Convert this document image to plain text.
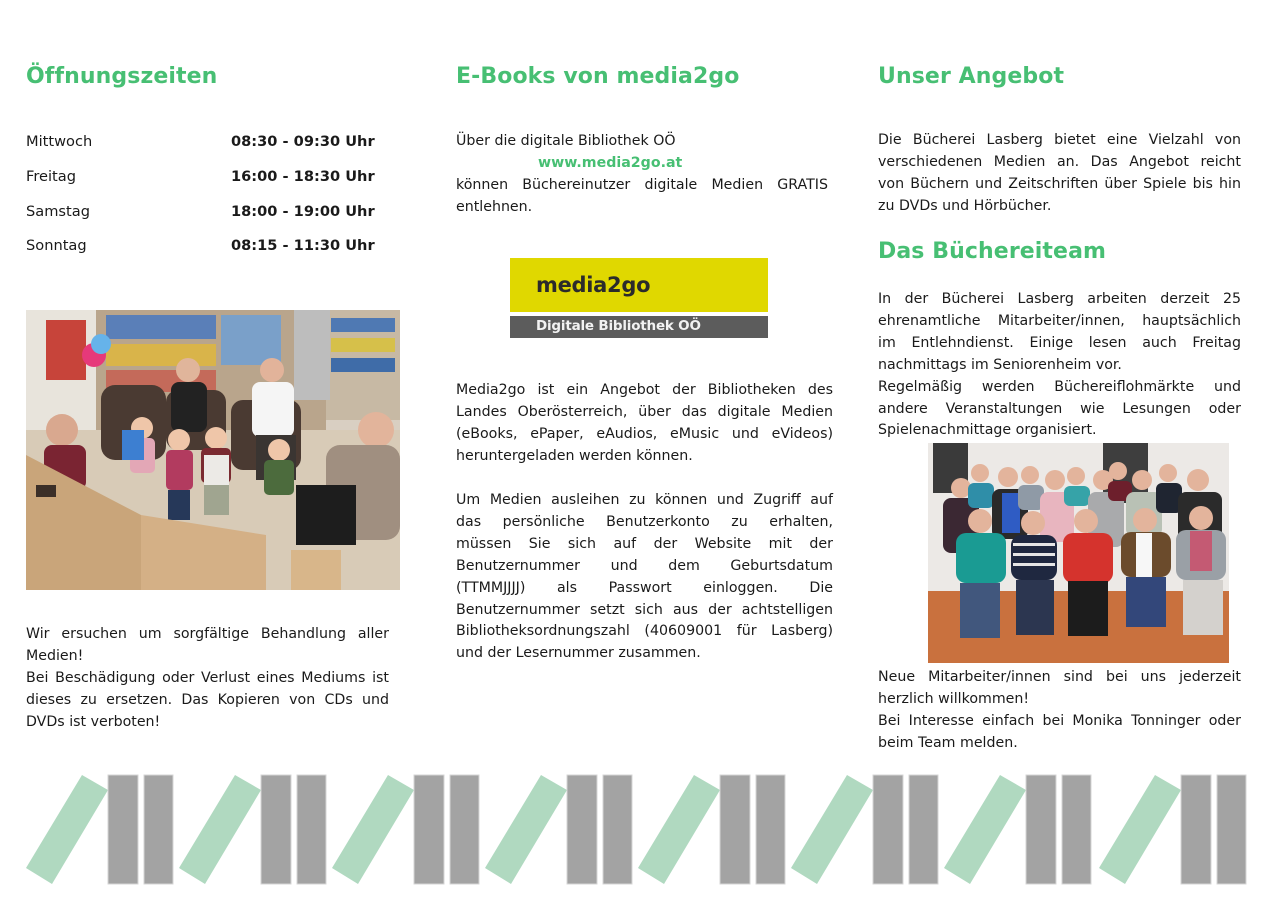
Öffnungszeiten
Mittwoch	08:30 - 09:30 Uhr
Freitag	16:00 - 18:30 Uhr
Samstag	18:00 - 19:00 Uhr
Sonntag	08:15 - 11:30 Uhr
Wir ersuchen um sorgfältige Behandlung aller
Medien!
Bei Beschädigung oder Verlust eines Mediums ist
dieses zu ersetzen. Das Kopieren von CDs und
DVDs ist verboten!
E-Books von media2go
Über die digitale Bibliothek OÖ
www.media2go.at
können Büchereinutzer digitale Medien GRATIS
entlehnen.
media2go
Digitale Bibliothek OÖ
Media2go ist ein Angebot der Bibliotheken des
Landes Oberösterreich, über das digitale Medien
(eBooks, ePaper, eAudios, eMusic und eVideos)
heruntergeladen werden können.
Um Medien ausleihen zu können und Zugriff auf
das persönliche Benutzerkonto zu erhalten,
müssen Sie sich auf der Website mit der
Benutzernummer und dem Geburtsdatum
(TTMMJJJJ) als Passwort einloggen. Die
Benutzernummer setzt sich aus der achtstelligen
Bibliotheksordnungszahl (40609001 für Lasberg)
und der Lesernummer zusammen.
Unser Angebot
Die Bücherei Lasberg bietet eine Vielzahl von
verschiedenen Medien an. Das Angebot reicht
von Büchern und Zeitschriften über Spiele bis hin
zu DVDs und Hörbücher.
Das Büchereiteam
In der Bücherei Lasberg arbeiten derzeit 25
ehrenamtliche Mitarbeiter/innen, hauptsächlich
im Entlehndienst. Einige lesen auch Freitag
nachmittags im Seniorenheim vor.
Regelmäßig werden Büchereiflohmärkte und
andere Veranstaltungen wie Lesungen oder
Spielenachmittage organisiert.
Neue Mitarbeiter/innen sind bei uns jederzeit
herzlich willkommen!
Bei Interesse einfach bei Monika Tonninger oder
beim Team melden.
